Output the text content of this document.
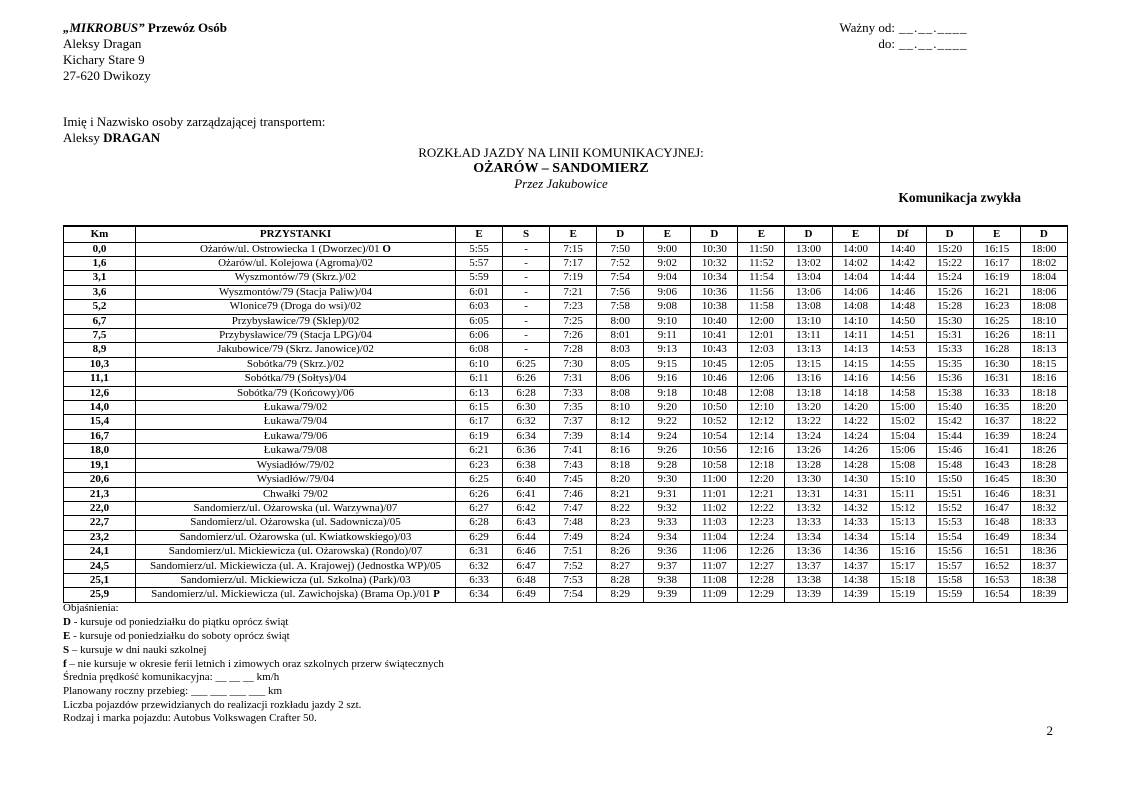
„MIKROBUS” Przewóz Osób
Aleksy Dragan
Kichary Stare 9
27-620 Dwikozy
Ważny od: __.__.____
do: __.__.____
Imię i Nazwisko osoby zarządzającej transportem:
Aleksy DRAGAN
ROZKŁAD JAZDY NA LINII KOMUNIKACYJNEJ:
OŻARÓW – SANDOMIERZ
Przez Jakubowice
Komunikacja zwykła
Km	PRZYSTANKI	E	S	E	D	E	D	E	D	E	Df	D	E	D
0,0	Ożarów/ul. Ostrowiecka 1 (Dworzec)/01 O	5:55	-	7:15	7:50	9:00	10:30	11:50	13:00	14:00	14:40	15:20	16:15	18:00
1,6	Ożarów/ul. Kolejowa (Agroma)/02	5:57	-	7:17	7:52	9:02	10:32	11:52	13:02	14:02	14:42	15:22	16:17	18:02
3,1	Wyszmontów/79 (Skrz.)/02	5:59	-	7:19	7:54	9:04	10:34	11:54	13:04	14:04	14:44	15:24	16:19	18:04
3,6	Wyszmontów/79 (Stacja Paliw)/04	6:01	-	7:21	7:56	9:06	10:36	11:56	13:06	14:06	14:46	15:26	16:21	18:06
5,2	Wlonice79 (Droga do wsi)/02	6:03	-	7:23	7:58	9:08	10:38	11:58	13:08	14:08	14:48	15:28	16:23	18:08
6,7	Przybysławice/79 (Sklep)/02	6:05	-	7:25	8:00	9:10	10:40	12:00	13:10	14:10	14:50	15:30	16:25	18:10
7,5	Przybysławice/79 (Stacja LPG)/04	6:06	-	7:26	8:01	9:11	10:41	12:01	13:11	14:11	14:51	15:31	16:26	18:11
8,9	Jakubowice/79 (Skrz. Janowice)/02	6:08	-	7:28	8:03	9:13	10:43	12:03	13:13	14:13	14:53	15:33	16:28	18:13
10,3	Sobótka/79 (Skrz.)/02	6:10	6:25	7:30	8:05	9:15	10:45	12:05	13:15	14:15	14:55	15:35	16:30	18:15
11,1	Sobótka/79 (Sołtys)/04	6:11	6:26	7:31	8:06	9:16	10:46	12:06	13:16	14:16	14:56	15:36	16:31	18:16
12,6	Sobótka/79 (Końcowy)/06	6:13	6:28	7:33	8:08	9:18	10:48	12:08	13:18	14:18	14:58	15:38	16:33	18:18
14,0	Łukawa/79/02	6:15	6:30	7:35	8:10	9:20	10:50	12:10	13:20	14:20	15:00	15:40	16:35	18:20
15,4	Łukawa/79/04	6:17	6:32	7:37	8:12	9:22	10:52	12:12	13:22	14:22	15:02	15:42	16:37	18:22
16,7	Łukawa/79/06	6:19	6:34	7:39	8:14	9:24	10:54	12:14	13:24	14:24	15:04	15:44	16:39	18:24
18,0	Łukawa/79/08	6:21	6:36	7:41	8:16	9:26	10:56	12:16	13:26	14:26	15:06	15:46	16:41	18:26
19,1	Wysiadłów/79/02	6:23	6:38	7:43	8:18	9:28	10:58	12:18	13:28	14:28	15:08	15:48	16:43	18:28
20,6	Wysiadłów/79/04	6:25	6:40	7:45	8:20	9:30	11:00	12:20	13:30	14:30	15:10	15:50	16:45	18:30
21,3	Chwałki 79/02	6:26	6:41	7:46	8:21	9:31	11:01	12:21	13:31	14:31	15:11	15:51	16:46	18:31
22,0	Sandomierz/ul. Ożarowska (ul. Warzywna)/07	6:27	6:42	7:47	8:22	9:32	11:02	12:22	13:32	14:32	15:12	15:52	16:47	18:32
22,7	Sandomierz/ul. Ożarowska (ul. Sadownicza)/05	6:28	6:43	7:48	8:23	9:33	11:03	12:23	13:33	14:33	15:13	15:53	16:48	18:33
23,2	Sandomierz/ul. Ożarowska (ul. Kwiatkowskiego)/03	6:29	6:44	7:49	8:24	9:34	11:04	12:24	13:34	14:34	15:14	15:54	16:49	18:34
24,1	Sandomierz/ul. Mickiewicza (ul. Ożarowska) (Rondo)/07	6:31	6:46	7:51	8:26	9:36	11:06	12:26	13:36	14:36	15:16	15:56	16:51	18:36
24,5	Sandomierz/ul. Mickiewicza (ul. A. Krajowej) (Jednostka WP)/05	6:32	6:47	7:52	8:27	9:37	11:07	12:27	13:37	14:37	15:17	15:57	16:52	18:37
25,1	Sandomierz/ul. Mickiewicza (ul. Szkolna) (Park)/03	6:33	6:48	7:53	8:28	9:38	11:08	12:28	13:38	14:38	15:18	15:58	16:53	18:38
25,9	Sandomierz/ul. Mickiewicza (ul. Zawichojska) (Brama Op.)/01 P	6:34	6:49	7:54	8:29	9:39	11:09	12:29	13:39	14:39	15:19	15:59	16:54	18:39
Objaśnienia:
D - kursuje od poniedziałku do piątku oprócz świąt
E - kursuje od poniedziałku do soboty oprócz świąt
S – kursuje w dni nauki szkolnej
f – nie kursuje w okresie ferii letnich i zimowych oraz szkolnych przerw świątecznych
Średnia prędkość komunikacyjna: __ __ __ km/h
Planowany roczny przebieg: ___ ___ ___ ___ km
Liczba pojazdów przewidzianych do realizacji rozkładu jazdy 2 szt.
Rodzaj i marka pojazdu: Autobus Volkswagen Crafter 50.
2
